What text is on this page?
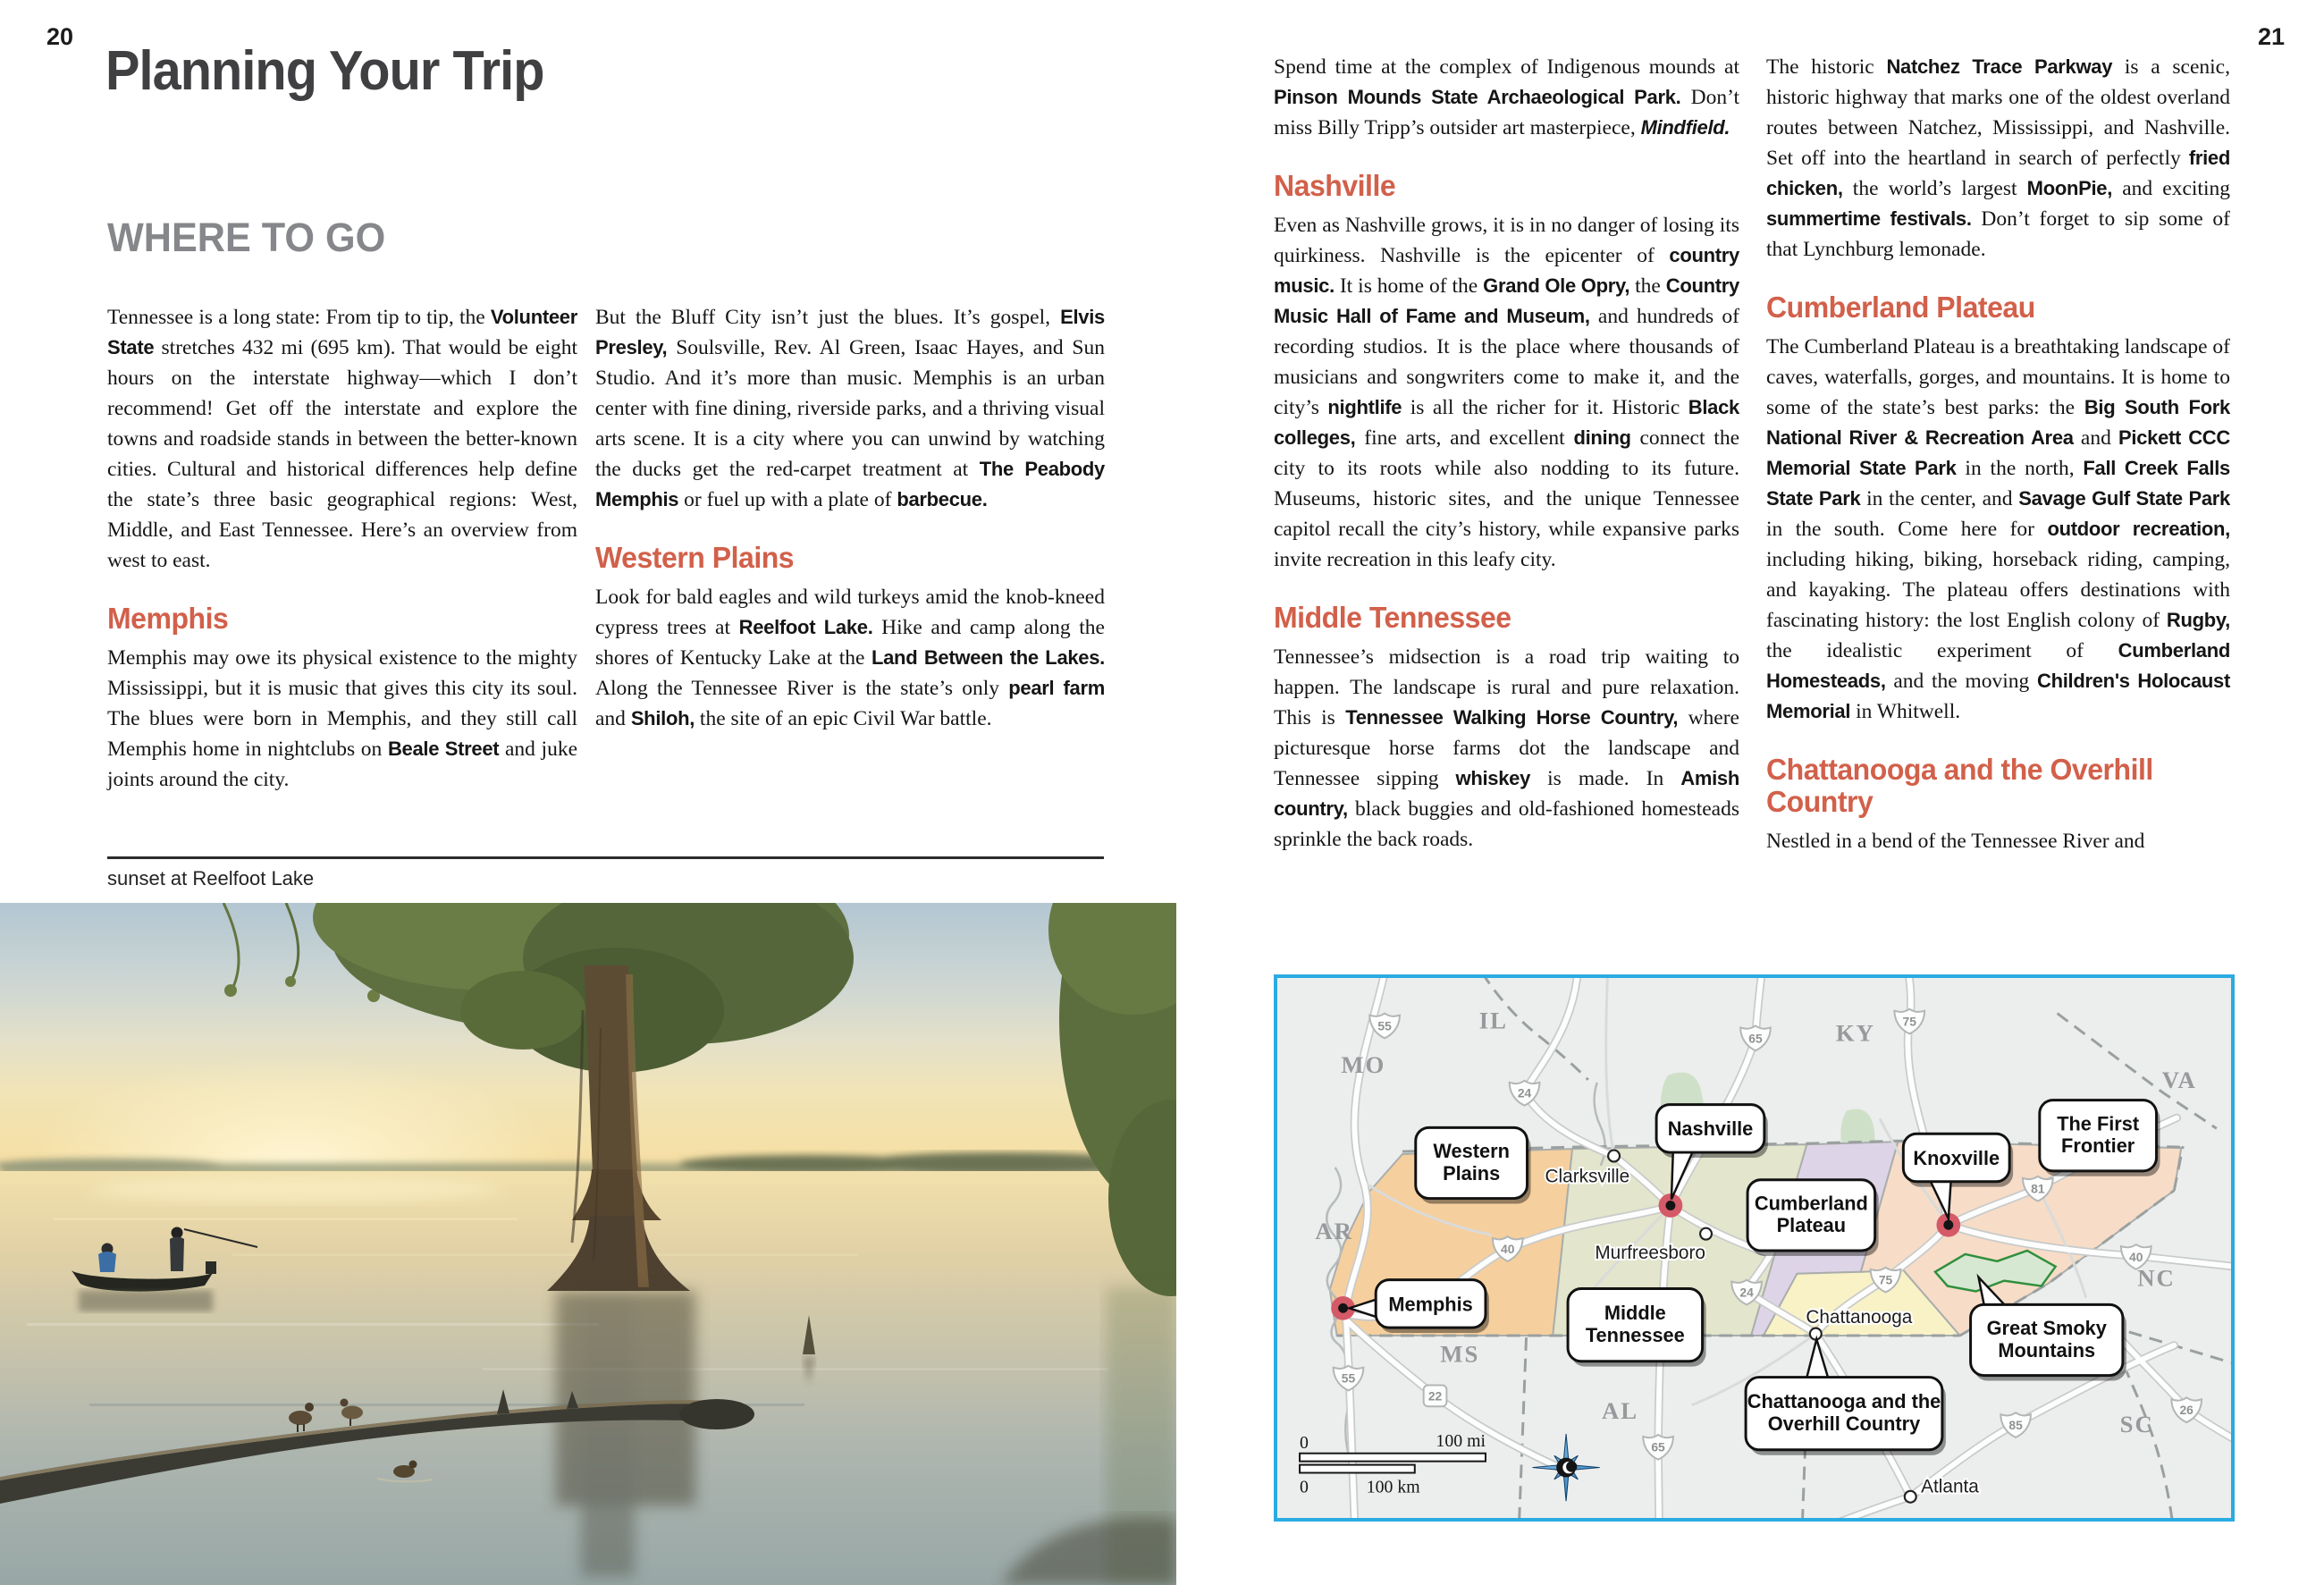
20	21
Planning Your Trip
WHERE TO GO

Tennessee is a long state: From tip to tip, the Volunteer State stretches 432 mi (695 km). That would be eight hours on the interstate highway—which I don’t recommend! Get off the interstate and explore the towns and roadside stands in between the better-known cities. Cultural and historical differences help define the state’s three basic geographical regions: West, Middle, and East Tennessee. Here’s an overview from west to east.

Memphis

Memphis may owe its physical existence to the mighty Mississippi, but it is music that gives this city its soul. The blues were born in Memphis, and they still call Memphis home in nightclubs on Beale Street and juke joints around the city.

But the Bluff City isn’t just the blues. It’s gospel, Elvis Presley, Soulsville, Rev. Al Green, Isaac Hayes, and Sun Studio. And it’s more than music. Memphis is an urban center with fine dining, riverside parks, and a thriving visual arts scene. It is a city where you can unwind by watching the ducks get the red-carpet treatment at The Peabody Memphis or fuel up with a plate of barbecue.

Western Plains

Look for bald eagles and wild turkeys amid the knob-kneed cypress trees at Reelfoot Lake. Hike and camp along the shores of Kentucky Lake at the Land Between the Lakes. Along the Tennessee River is the state’s only pearl farm and Shiloh, the site of an epic Civil War battle.

sunset at Reelfoot Lake

Spend time at the complex of Indigenous mounds at Pinson Mounds State Archaeological Park. Don’t miss Billy Tripp’s outsider art masterpiece, Mindfield.

Nashville

Even as Nashville grows, it is in no danger of losing its quirkiness. Nashville is the epicenter of country music. It is home of the Grand Ole Opry, the Country Music Hall of Fame and Museum, and hundreds of recording studios. It is the place where thousands of musicians and songwriters come to make it, and the city’s nightlife is all the richer for it. Historic Black colleges, fine arts, and excellent dining connect the city to its roots while also nodding to its future. Museums, historic sites, and the unique Tennessee capitol recall the city’s history, while expansive parks invite recreation in this leafy city.

Middle Tennessee

Tennessee’s midsection is a road trip waiting to happen. The landscape is rural and pure relaxation. This is Tennessee Walking Horse Country, where picturesque horse farms dot the landscape and Tennessee sipping whiskey is made. In Amish country, black buggies and old-fashioned homesteads sprinkle the back roads.

The historic Natchez Trace Parkway is a scenic, historic highway that marks one of the oldest overland routes between Natchez, Mississippi, and Nashville. Set off into the heartland in search of perfectly fried chicken, the world’s largest MoonPie, and exciting summertime festivals. Don’t forget to sip some of that Lynchburg lemonade.

Cumberland Plateau

The Cumberland Plateau is a breathtaking landscape of caves, waterfalls, gorges, and mountains. It is home to some of the state’s best parks: the Big South Fork National River & Recreation Area and Pickett CCC Memorial State Park in the north, Fall Creek Falls State Park in the center, and Savage Gulf State Park in the south. Come here for outdoor recreation, including hiking, biking, horseback riding, camping, and kayaking. The plateau offers destinations with fascinating history: the lost English colony of Rugby, the idealistic experiment of Cumberland Homesteads, and the moving Children's Holocaust Memorial in Whitwell.

Chattanooga and the Overhill Country

Nestled in a bend of the Tennessee River and

MO
IL	KY
VA
AR
MS
AL
NC
SC
55
24
65
75
81
40
40
55
22
65
75
85
26
24
Clarksville
Murfreesboro
Chattanooga
Atlanta
0	100 mi
0	100 km
Western
Plains
Nashville
Cumberland
Plateau
Knoxville
The First
Frontier
Memphis	Middle
Tennessee	Great Smoky
Mountains
Chattanooga and the
Overhill Country
